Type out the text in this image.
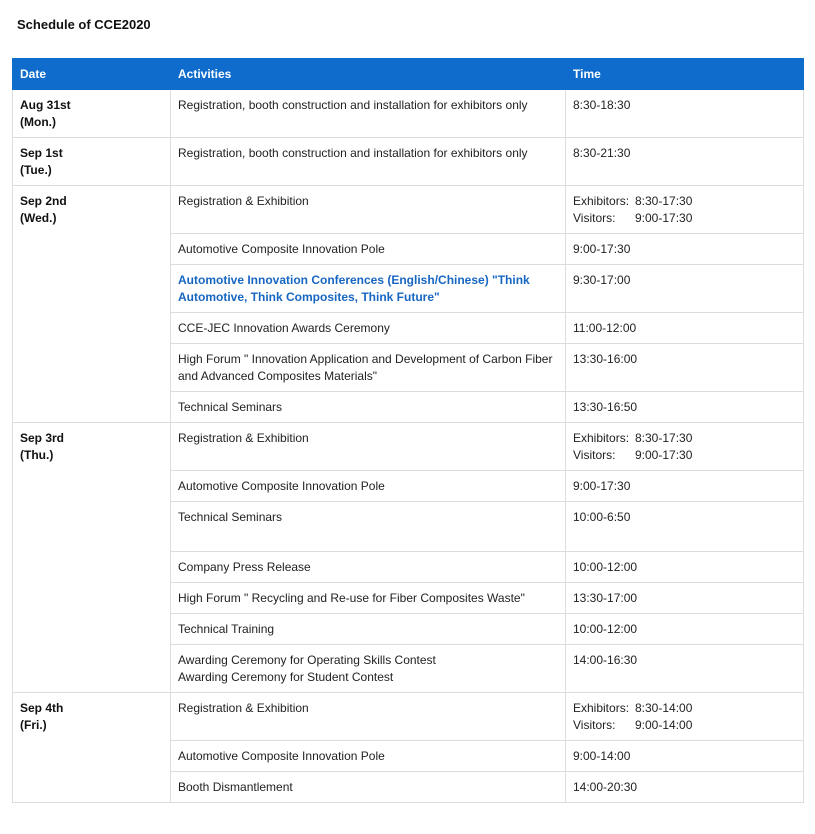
Schedule of CCE2020
Date	Activities	Time

Aug 31st
(Mon.)	Registration, booth construction and installation for exhibitors only	8:30-18:30

Sep 1st
(Tue.)	Registration, booth construction and installation for exhibitors only	8:30-21:30

Sep 2nd
(Wed.)	Registration & Exhibition	Exhibitors: 8:30-17:30
Visitors: 9:00-17:30

	Automotive Composite Innovation Pole	9:00-17:30

	Automotive Innovation Conferences (English/Chinese) "Think Automotive, Think Composites, Think Future"	9:30-17:00

	CCE-JEC Innovation Awards Ceremony	11:00-12:00

	High Forum " Innovation Application and Development of Carbon Fiber and Advanced Composites Materials"	13:30-16:00

	Technical Seminars	13:30-16:50

Sep 3rd
(Thu.)	Registration & Exhibition	Exhibitors: 8:30-17:30
Visitors: 9:00-17:30

	Automotive Composite Innovation Pole	9:00-17:30

	Technical Seminars	10:00-6:50

	Company Press Release	10:00-12:00

	High Forum " Recycling and Re-use for Fiber Composites Waste"	13:30-17:00

	Technical Training	10:00-12:00

	Awarding Ceremony for Operating Skills Contest
Awarding Ceremony for Student Contest	14:00-16:30

Sep 4th
(Fri.)	Registration & Exhibition	Exhibitors: 8:30-14:00
Visitors: 9:00-14:00

	Automotive Composite Innovation Pole	9:00-14:00

	Booth Dismantlement	14:00-20:30
